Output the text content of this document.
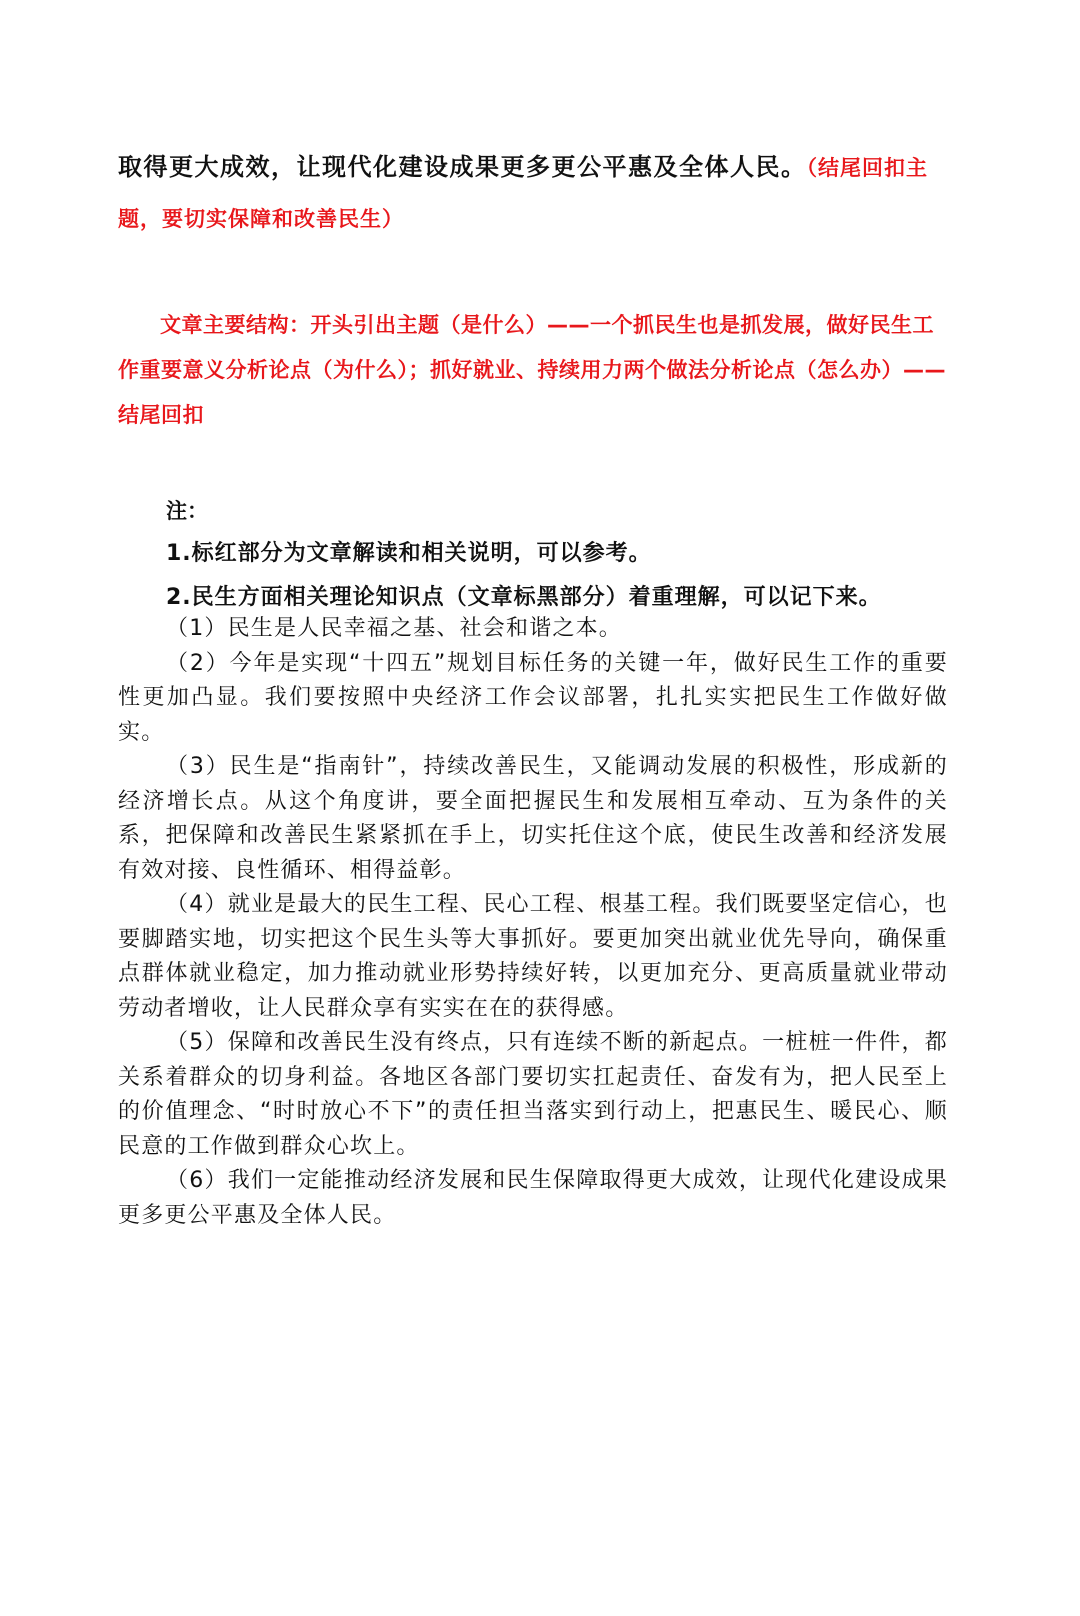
取得更大成效，让现代化建设成果更多更公平惠及全体人民。（结尾回扣主题，要切实保障和改善民生）

文章主要结构：开头引出主题（是什么）——一个抓民生也是抓发展，做好民生工作重要意义分析论点（为什么）；抓好就业、持续用力两个做法分析论点（怎么办）——结尾回扣

注：
1.标红部分为文章解读和相关说明，可以参考。
2.民生方面相关理论知识点（文章标黑部分）着重理解，可以记下来。

（1）民生是人民幸福之基、社会和谐之本。

（2）今年是实现“十四五”规划目标任务的关键一年，做好民生工作的重要性更加凸显。我们要按照中央经济工作会议部署，扎扎实实把民生工作做好做实。

（3）民生是“指南针”，持续改善民生，又能调动发展的积极性，形成新的经济增长点。从这个角度讲，要全面把握民生和发展相互牵动、互为条件的关系，把保障和改善民生紧紧抓在手上，切实托住这个底，使民生改善和经济发展有效对接、良性循环、相得益彰。

（4）就业是最大的民生工程、民心工程、根基工程。我们既要坚定信心，也要脚踏实地，切实把这个民生头等大事抓好。要更加突出就业优先导向，确保重点群体就业稳定，加力推动就业形势持续好转，以更加充分、更高质量就业带动劳动者增收，让人民群众享有实实在在的获得感。

（5）保障和改善民生没有终点，只有连续不断的新起点。一桩桩一件件，都关系着群众的切身利益。各地区各部门要切实扛起责任、奋发有为，把人民至上的价值理念、“时时放心不下”的责任担当落实到行动上，把惠民生、暖民心、顺民意的工作做到群众心坎上。

（6）我们一定能推动经济发展和民生保障取得更大成效，让现代化建设成果更多更公平惠及全体人民。
